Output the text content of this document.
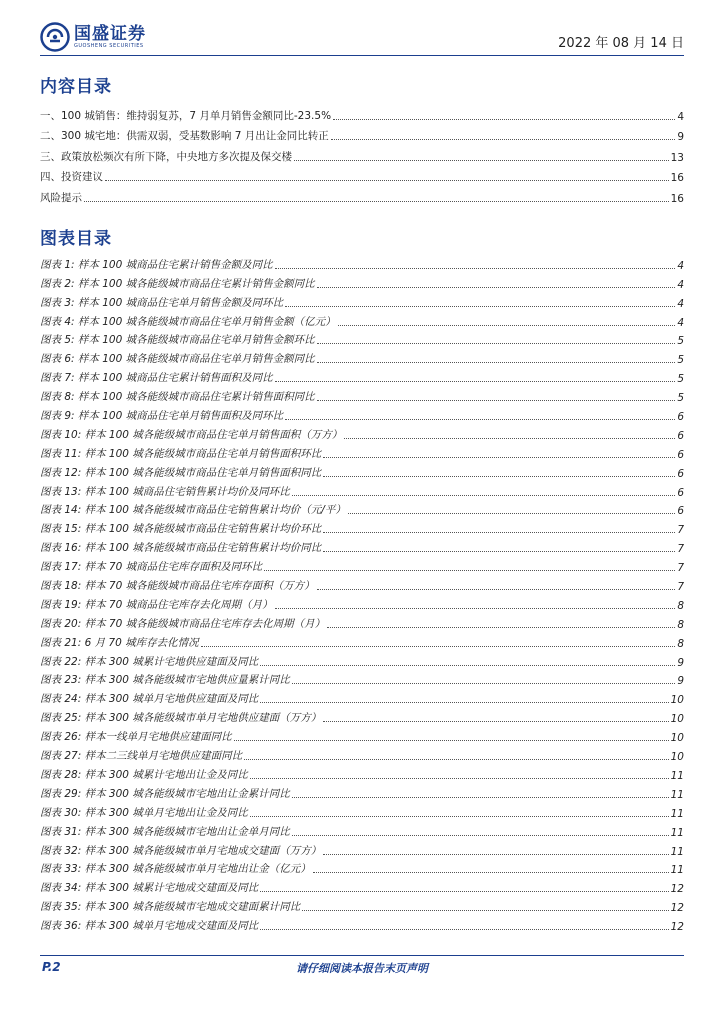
国盛证券
GUOSHENG SECURITIES	2022 年 08 月 14 日
内容目录
一、100 城销售：维持弱复苏，7 月单月销售金额同比-23.5%	4
二、300 城宅地：供需双弱，受基数影响 7 月出让金同比转正	9
三、政策放松频次有所下降，中央地方多次提及保交楼	13
四、投资建议	16
风险提示	16
图表目录
图表 1: 样本 100 城商品住宅累计销售金额及同比	4
图表 2: 样本 100 城各能级城市商品住宅累计销售金额同比	4
图表 3: 样本 100 城商品住宅单月销售金额及同环比	4
图表 4: 样本 100 城各能级城市商品住宅单月销售金额（亿元）	4
图表 5: 样本 100 城各能级城市商品住宅单月销售金额环比	5
图表 6: 样本 100 城各能级城市商品住宅单月销售金额同比	5
图表 7: 样本 100 城商品住宅累计销售面积及同比	5
图表 8: 样本 100 城各能级城市商品住宅累计销售面积同比	5
图表 9: 样本 100 城商品住宅单月销售面积及同环比	6
图表 10: 样本 100 城各能级城市商品住宅单月销售面积（万方）	6
图表 11: 样本 100 城各能级城市商品住宅单月销售面积环比	6
图表 12: 样本 100 城各能级城市商品住宅单月销售面积同比	6
图表 13: 样本 100 城商品住宅销售累计均价及同环比	6
图表 14: 样本 100 城各能级城市商品住宅销售累计均价（元/平）	6
图表 15: 样本 100 城各能级城市商品住宅销售累计均价环比	7
图表 16: 样本 100 城各能级城市商品住宅销售累计均价同比	7
图表 17: 样本 70 城商品住宅库存面积及同环比	7
图表 18: 样本 70 城各能级城市商品住宅库存面积（万方）	7
图表 19: 样本 70 城商品住宅库存去化周期（月）	8
图表 20: 样本 70 城各能级城市商品住宅库存去化周期（月）	8
图表 21: 6 月 70 城库存去化情况	8
图表 22: 样本 300 城累计宅地供应建面及同比	9
图表 23: 样本 300 城各能级城市宅地供应量累计同比	9
图表 24: 样本 300 城单月宅地供应建面及同比	10
图表 25: 样本 300 城各能级城市单月宅地供应建面（万方）	10
图表 26: 样本一线单月宅地供应建面同比	10
图表 27: 样本二三线单月宅地供应建面同比	10
图表 28: 样本 300 城累计宅地出让金及同比	11
图表 29: 样本 300 城各能级城市宅地出让金累计同比	11
图表 30: 样本 300 城单月宅地出让金及同比	11
图表 31: 样本 300 城各能级城市宅地出让金单月同比	11
图表 32: 样本 300 城各能级城市单月宅地成交建面（万方）	11
图表 33: 样本 300 城各能级城市单月宅地出让金（亿元）	11
图表 34: 样本 300 城累计宅地成交建面及同比	12
图表 35: 样本 300 城各能级城市宅地成交建面累计同比	12
图表 36: 样本 300 城单月宅地成交建面及同比	12
P.2	请仔细阅读本报告末页声明
